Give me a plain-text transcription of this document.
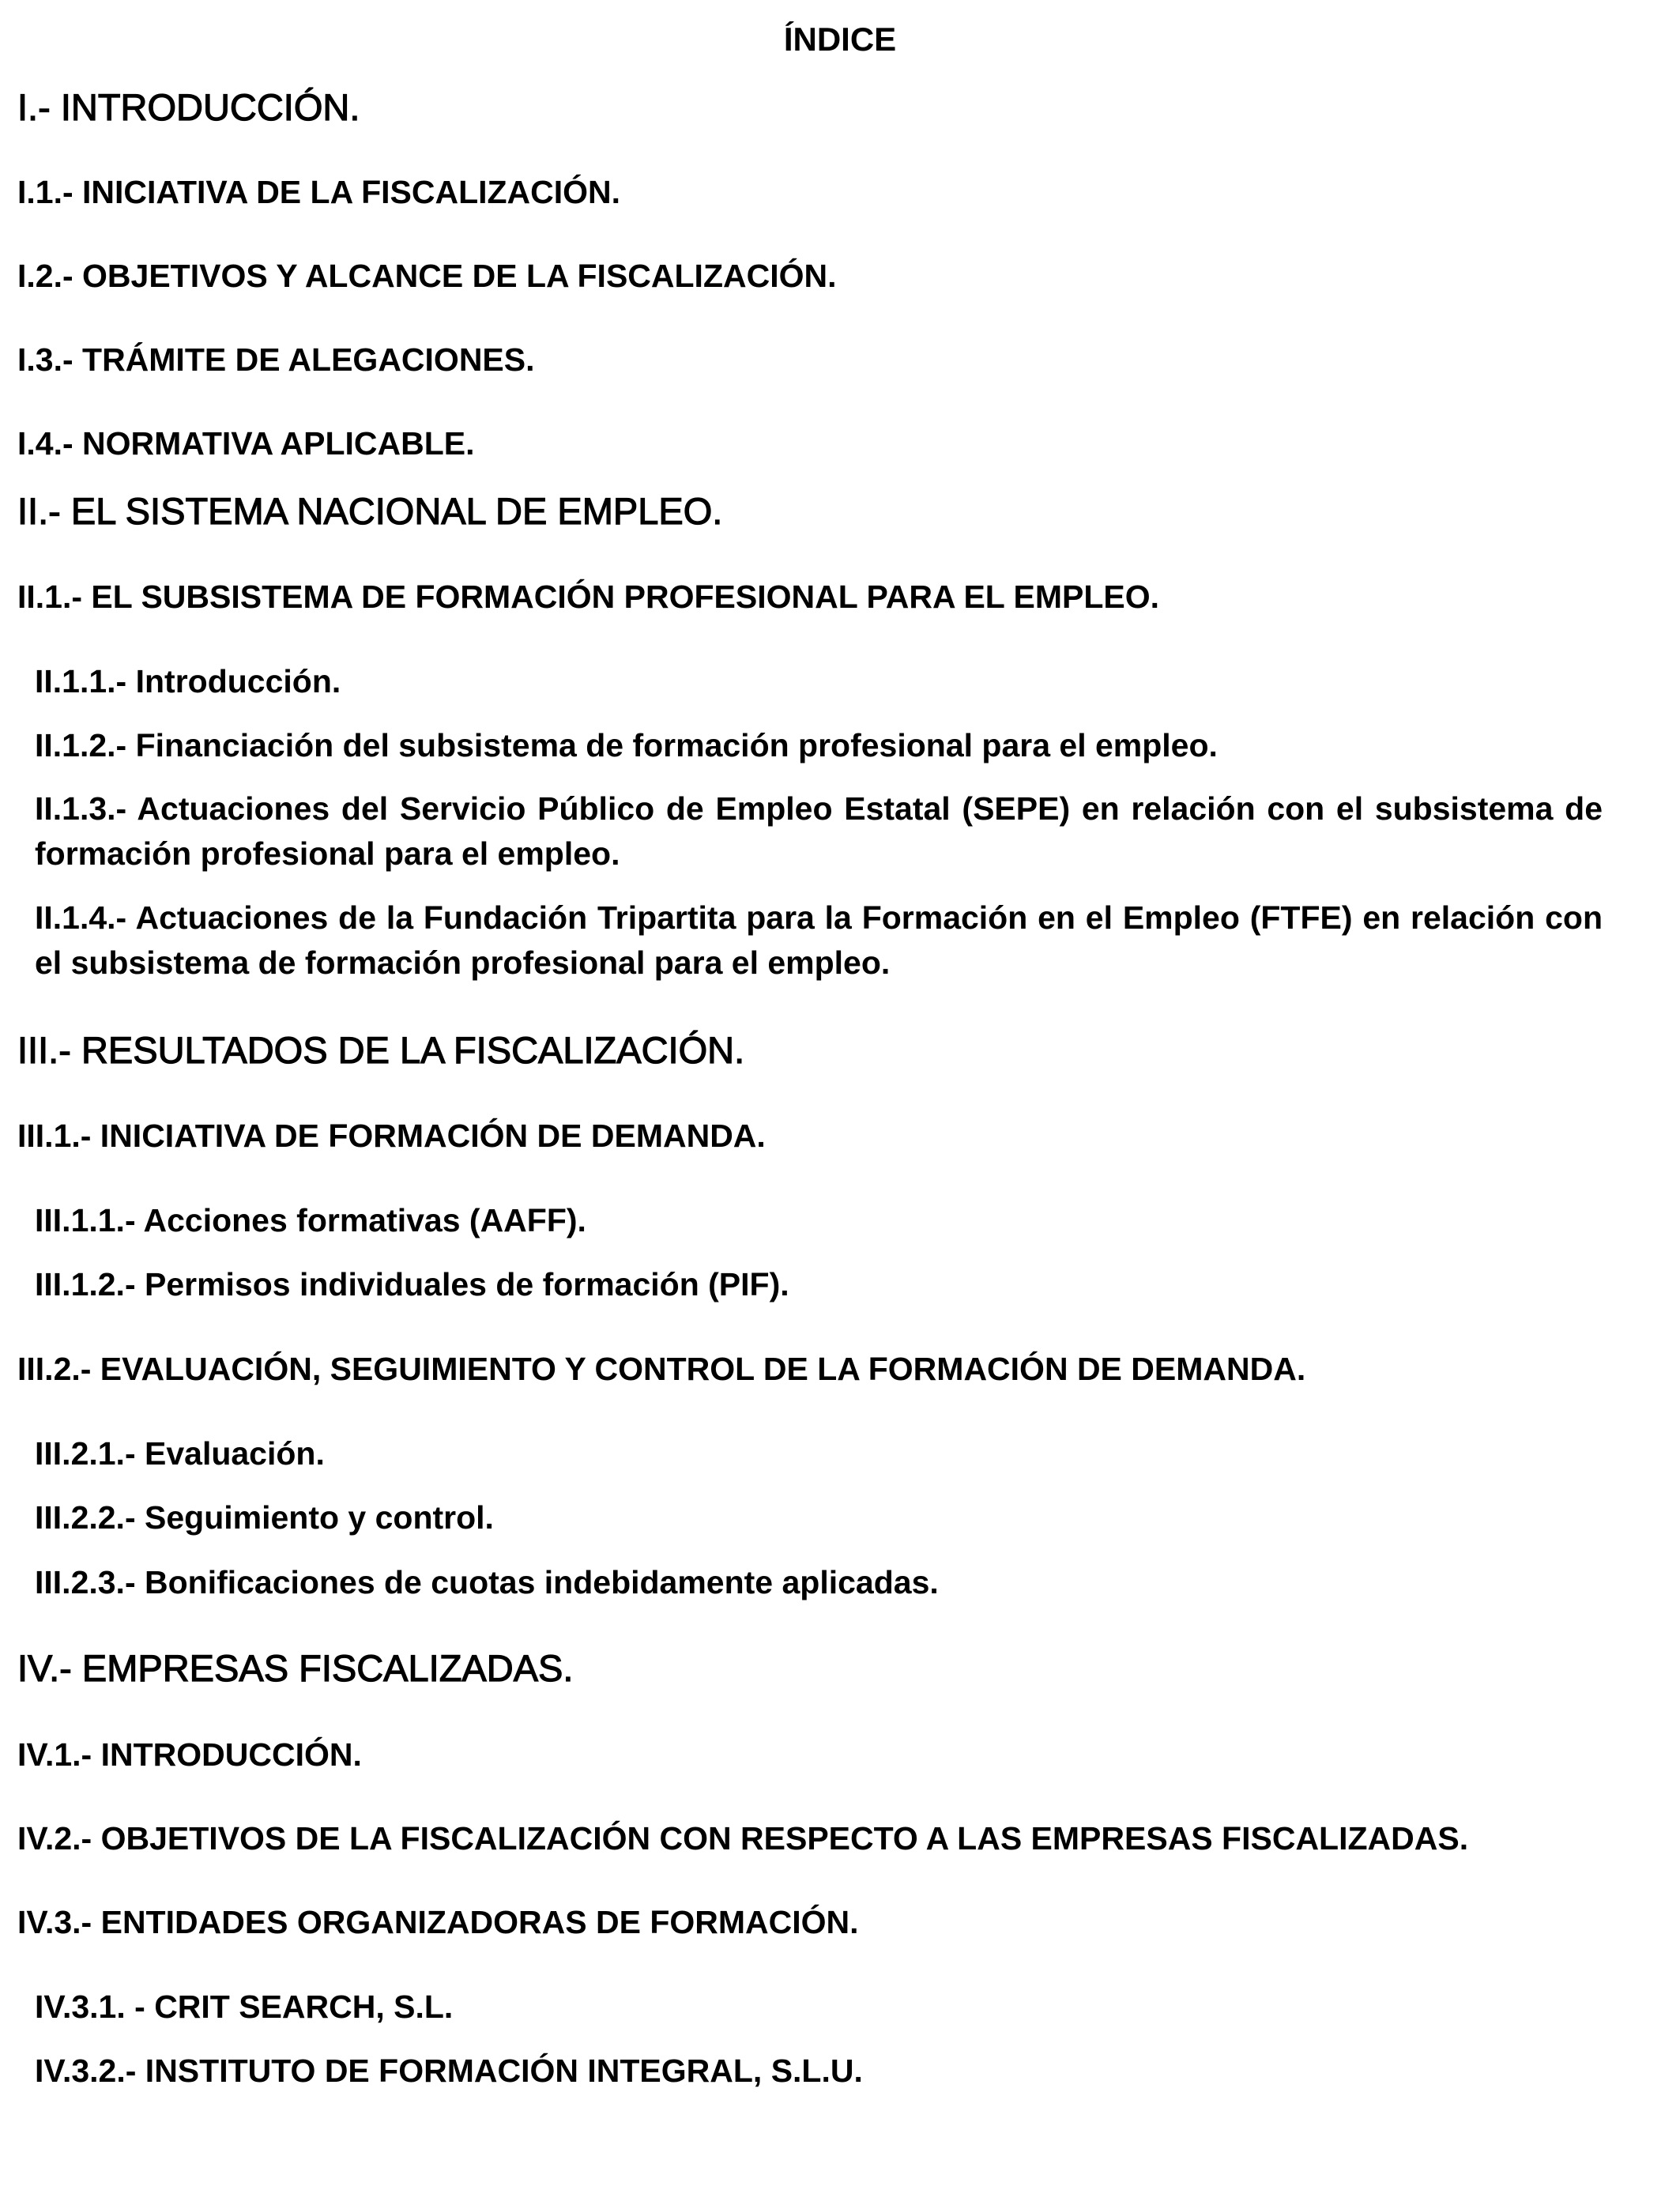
ÍNDICE

I.- INTRODUCCIÓN.

I.1.- INICIATIVA DE LA FISCALIZACIÓN.

I.2.- OBJETIVOS Y ALCANCE DE LA FISCALIZACIÓN.

I.3.- TRÁMITE DE ALEGACIONES.

I.4.- NORMATIVA APLICABLE.

II.- EL SISTEMA NACIONAL DE EMPLEO.

II.1.- EL SUBSISTEMA DE FORMACIÓN PROFESIONAL PARA EL EMPLEO.

II.1.1.- Introducción.

II.1.2.- Financiación del subsistema de formación profesional para el empleo.

II.1.3.- Actuaciones del Servicio Público de Empleo Estatal (SEPE) en relación con el subsistema de formación profesional para el empleo.

II.1.4.- Actuaciones de la Fundación Tripartita para la Formación en el Empleo (FTFE) en relación con el subsistema de formación profesional para el empleo.

III.- RESULTADOS DE LA FISCALIZACIÓN.

III.1.- INICIATIVA DE FORMACIÓN DE DEMANDA.

III.1.1.- Acciones formativas (AAFF).

III.1.2.- Permisos individuales de formación (PIF).

III.2.- EVALUACIÓN, SEGUIMIENTO Y CONTROL DE LA FORMACIÓN DE DEMANDA.

III.2.1.- Evaluación.

III.2.2.- Seguimiento y control.

III.2.3.- Bonificaciones de cuotas indebidamente aplicadas.

IV.- EMPRESAS FISCALIZADAS.

IV.1.- INTRODUCCIÓN.

IV.2.- OBJETIVOS DE LA FISCALIZACIÓN CON RESPECTO A LAS EMPRESAS FISCALIZADAS.

IV.3.- ENTIDADES ORGANIZADORAS DE FORMACIÓN.

IV.3.1. - CRIT SEARCH, S.L.

IV.3.2.- INSTITUTO DE FORMACIÓN INTEGRAL, S.L.U.
